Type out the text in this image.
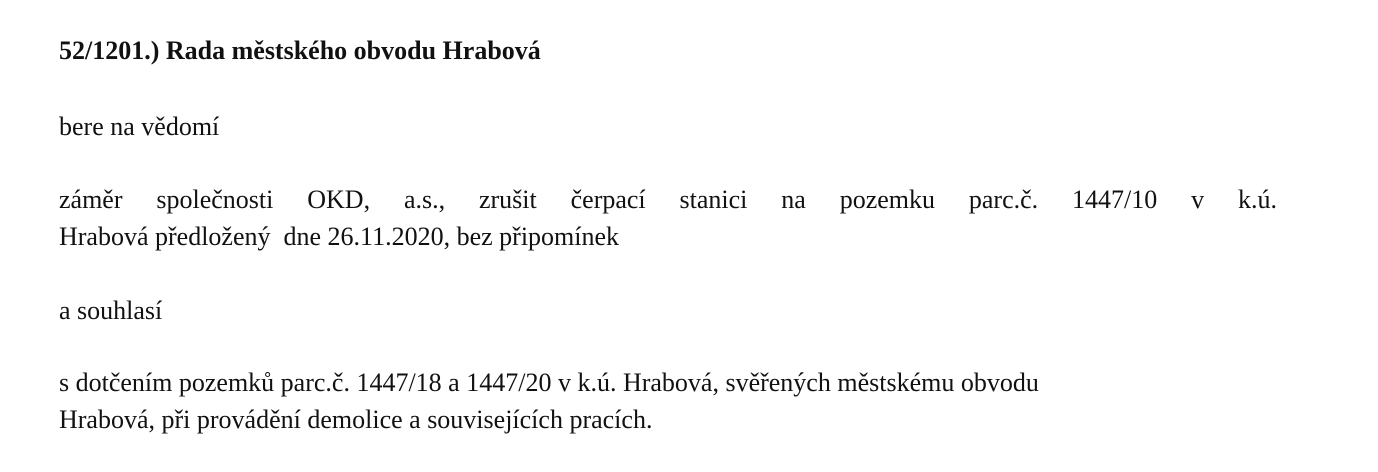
52/1201.) Rada městského obvodu Hrabová
bere na vědomí
záměr společnosti OKD, a.s., zrušit čerpací stanici na pozemku parc.č. 1447/10 v k.ú.
Hrabová předložený  dne 26.11.2020, bez připomínek
a souhlasí
s dotčením pozemků parc.č. 1447/18 a 1447/20 v k.ú. Hrabová, svěřených městskému obvodu
Hrabová, při provádění demolice a souvisejících pracích.
